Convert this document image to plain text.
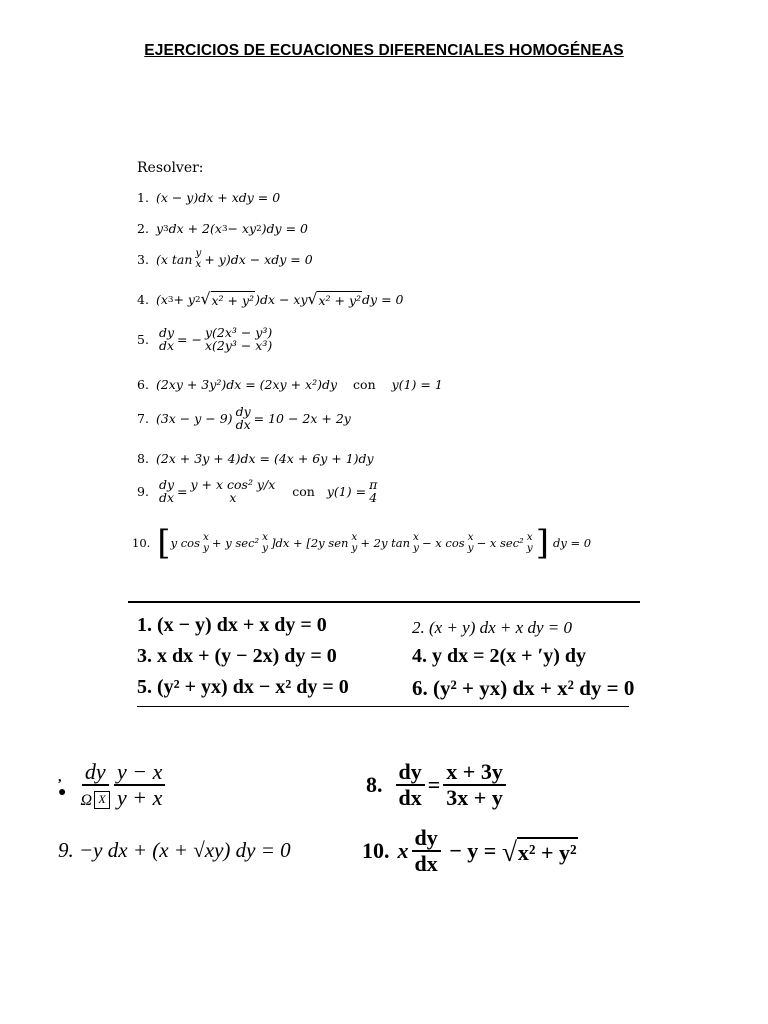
EJERCICIOS DE ECUACIONES DIFERENCIALES HOMOGÉNEAS
Resolver:
1. (x − y)dx + xdy = 0
2. y 3 dx + 2(x 3 − xy 2 )dy = 0
3. (x tan y
x + y)dx − xdy = 0
4. (x 3 + y 2 √ x² + y² )dx − xy √ x² + y² dy = 0
5. dy
dx = − y(2x³ − y³)
x(2y³ − x³)
6. (2xy + 3y²)dx = (2xy + x²)dy con y(1) = 1
7. (3x − y − 9) dy
dx = 10 − 2x + 2y
8. (2x + 3y + 4)dx = (4x + 6y + 1)dy
9. dy
dx = y + x cos² y/x
x	con y(1) = π
4
10. [ y cos x
y + y sec² x
y ]dx + [2y sen x
y + 2y tan x
y − x cos x
y − x sec² x
y ] dy = 0
1. (x − y) dx + x dy = 0	2. (x + y) dx + x dy = 0
3. x dx + (y − 2x) dy = 0	4. y dx = 2(x + ʹy) dy
5. (y² + yx) dx − x² dy = 0	6. (y² + yx) dx + x² dy = 0
,
● $\frac{dy}{\text{Ω X}} \frac{y - x}{y + x}$	8. $\frac{dy}{dx} = \frac{x + 3y}{3x + y}$
9. −y dx + (x + √xy) dy = 0	10. x $\frac{dy}{dx} - y$ = √ x² + y²
